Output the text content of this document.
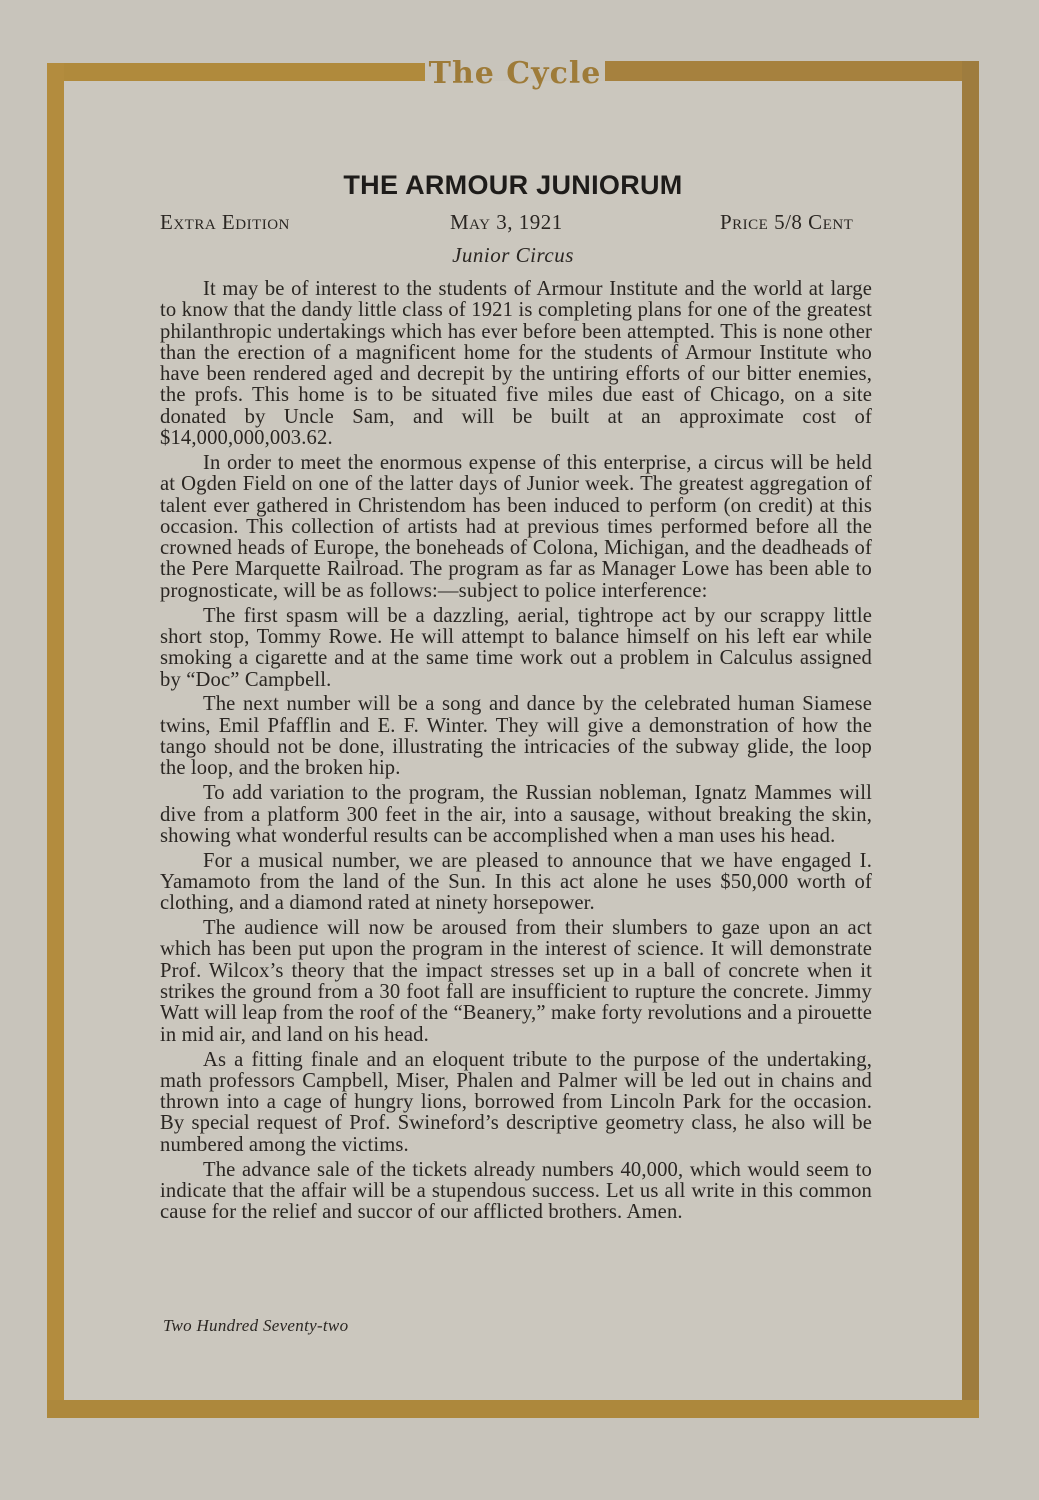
The Cycle
THE ARMOUR JUNIORUM
Extra Edition	May 3, 1921	Price 5/8 Cent
Junior Circus

It may be of interest to the students of Armour Institute and the world at large to know that the dandy little class of 1921 is completing plans for one of the greatest philanthropic undertakings which has ever before been attempted. This is none other than the erection of a magnificent home for the students of Armour Institute who have been rendered aged and decrepit by the untiring efforts of our bitter enemies, the profs. This home is to be situated five miles due east of Chicago, on a site donated by Uncle Sam, and will be built at an approximate cost of $14,000,000,003.62.

In order to meet the enormous expense of this enterprise, a circus will be held at Ogden Field on one of the latter days of Junior week. The greatest aggregation of talent ever gathered in Christendom has been induced to perform (on credit) at this occasion. This collection of artists had at previous times performed before all the crowned heads of Europe, the boneheads of Colona, Michigan, and the deadheads of the Pere Marquette Railroad. The program as far as Manager Lowe has been able to prognosticate, will be as follows:—subject to police interference:

The first spasm will be a dazzling, aerial, tightrope act by our scrappy little short stop, Tommy Rowe. He will attempt to balance himself on his left ear while smoking a cigarette and at the same time work out a problem in Calculus assigned by “Doc” Campbell.

The next number will be a song and dance by the celebrated human Siamese twins, Emil Pfafflin and E. F. Winter. They will give a demonstration of how the tango should not be done, illustrating the intricacies of the subway glide, the loop the loop, and the broken hip.

To add variation to the program, the Russian nobleman, Ignatz Mammes will dive from a platform 300 feet in the air, into a sausage, without breaking the skin, showing what wonderful results can be accomplished when a man uses his head.

For a musical number, we are pleased to announce that we have engaged I. Yamamoto from the land of the Sun. In this act alone he uses $50,000 worth of clothing, and a diamond rated at ninety horsepower.

The audience will now be aroused from their slumbers to gaze upon an act which has been put upon the program in the interest of science. It will demonstrate Prof. Wilcox’s theory that the impact stresses set up in a ball of concrete when it strikes the ground from a 30 foot fall are insufficient to rupture the concrete. Jimmy Watt will leap from the roof of the “Beanery,” make forty revolutions and a pirouette in mid air, and land on his head.

As a fitting finale and an eloquent tribute to the purpose of the undertaking, math professors Campbell, Miser, Phalen and Palmer will be led out in chains and thrown into a cage of hungry lions, borrowed from Lincoln Park for the occasion. By special request of Prof. Swineford’s descriptive geometry class, he also will be numbered among the victims.

The advance sale of the tickets already numbers 40,000, which would seem to indicate that the affair will be a stupendous success. Let us all write in this common cause for the relief and succor of our afflicted brothers. Amen.

Two Hundred Seventy-two
